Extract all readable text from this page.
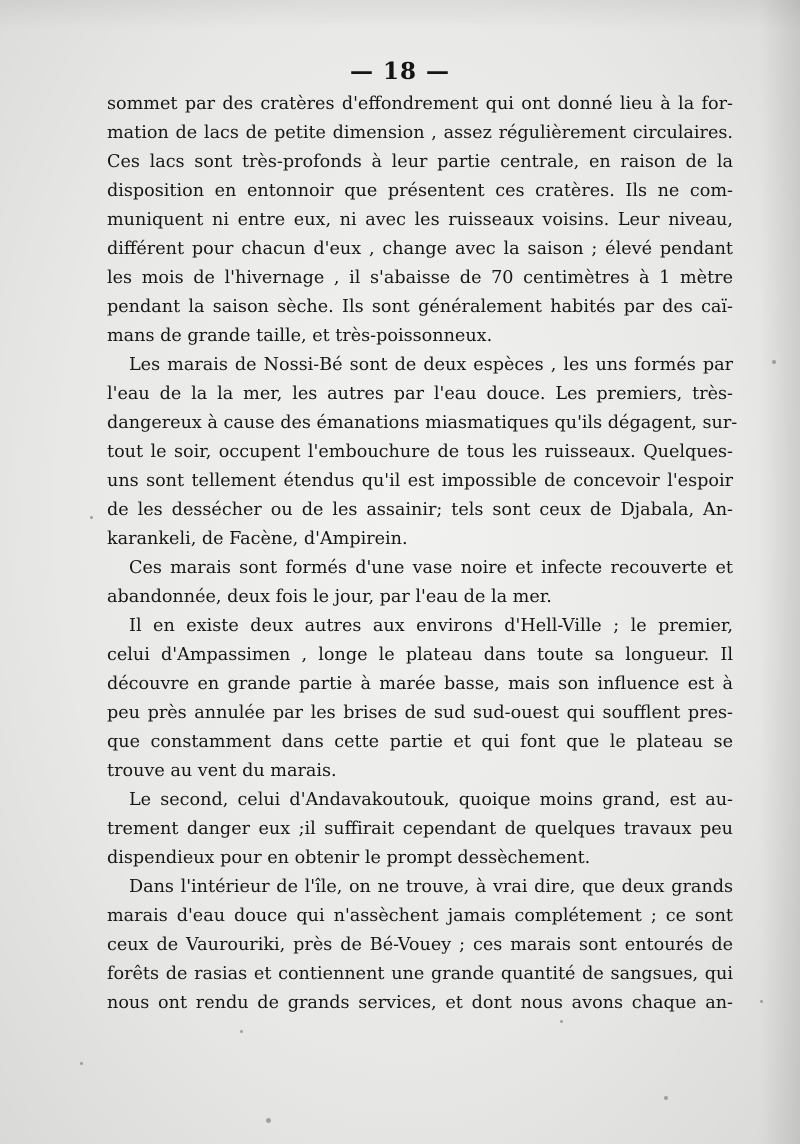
— 18 —
sommet par des cratères d'effondrement qui ont donné lieu à la for-
mation de lacs de petite dimension , assez régulièrement circulaires.
Ces lacs sont très-profonds à leur partie centrale, en raison de la
disposition en entonnoir que présentent ces cratères. Ils ne com-
muniquent ni entre eux, ni avec les ruisseaux voisins. Leur niveau,
différent pour chacun d'eux , change avec la saison ; élevé pendant
les mois de l'hivernage , il s'abaisse de 70 centimètres à 1 mètre
pendant la saison sèche. Ils sont généralement habités par des caï-
mans de grande taille, et très-poissonneux.
Les marais de Nossi-Bé sont de deux espèces , les uns formés par
l'eau de la la mer, les autres par l'eau douce. Les premiers, très-
dangereux à cause des émanations miasmatiques qu'ils dégagent, sur-
tout le soir, occupent l'embouchure de tous les ruisseaux. Quelques-
uns sont tellement étendus qu'il est impossible de concevoir l'espoir
de les dessécher ou de les assainir; tels sont ceux de Djabala, An-
karankeli, de Facène, d'Ampirein.
Ces marais sont formés d'une vase noire et infecte recouverte et
abandonnée, deux fois le jour, par l'eau de la mer.
Il en existe deux autres aux environs d'Hell-Ville ; le premier,
celui d'Ampassimen , longe le plateau dans toute sa longueur. Il
découvre en grande partie à marée basse, mais son influence est à
peu près annulée par les brises de sud sud-ouest qui soufflent pres-
que constamment dans cette partie et qui font que le plateau se
trouve au vent du marais.
Le second, celui d'Andavakoutouk, quoique moins grand, est au-
trement danger eux ;il suffirait cependant de quelques travaux peu
dispendieux pour en obtenir le prompt dessèchement.
Dans l'intérieur de l'île, on ne trouve, à vrai dire, que deux grands
marais d'eau douce qui n'assèchent jamais complétement ; ce sont
ceux de Vaurouriki, près de Bé-Vouey ; ces marais sont entourés de
forêts de rasias et contiennent une grande quantité de sangsues, qui
nous ont rendu de grands services, et dont nous avons chaque an-
